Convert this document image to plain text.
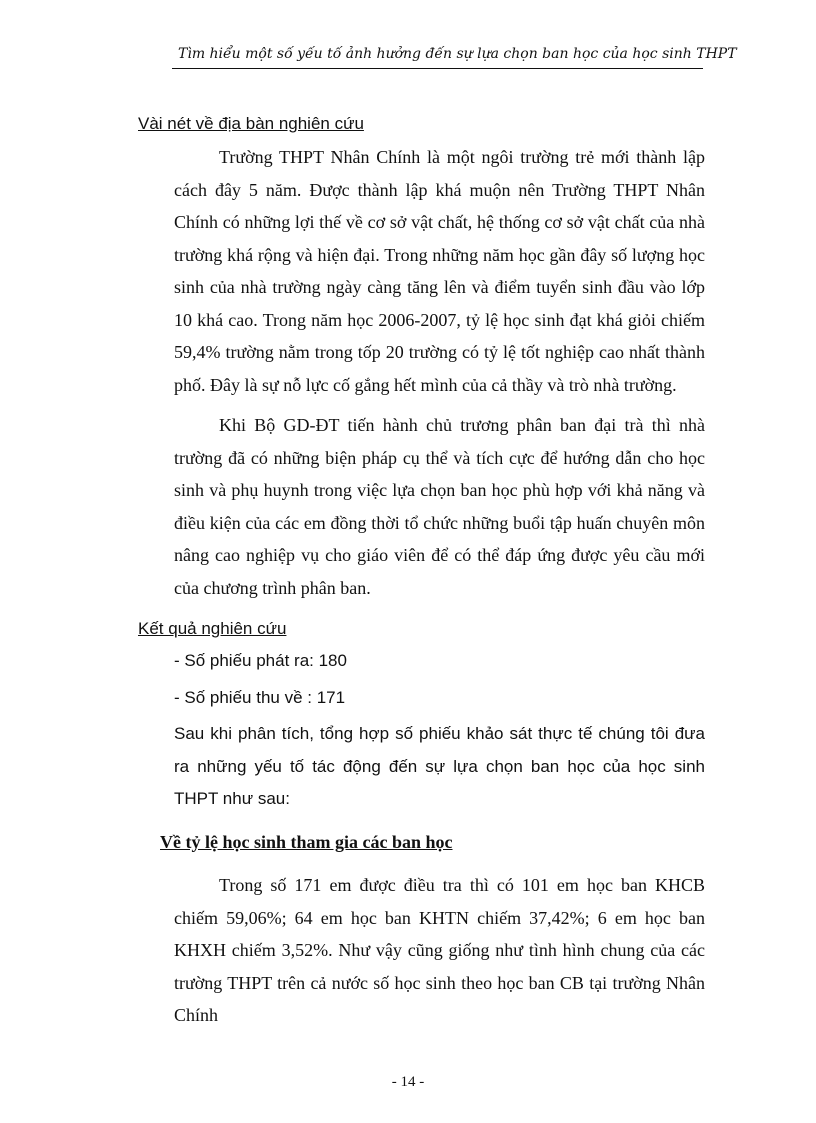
Tìm hiểu một số yếu tố ảnh hưởng đến sự lựa chọn ban học của học sinh THPT
Vài nét về địa bàn nghiên cứu

Trường THPT Nhân Chính là một ngôi trường trẻ mới thành lập cách đây 5 năm. Được thành lập khá muộn nên Trường THPT Nhân Chính có những lợi thế về cơ sở vật chất, hệ thống cơ sở vật chất của nhà trường khá rộng và hiện đại. Trong những năm học gần đây số lượng học sinh của nhà trường ngày càng tăng lên và điểm tuyển sinh đầu vào lớp 10 khá cao. Trong năm học 2006-2007, tỷ lệ học sinh đạt khá giỏi chiếm 59,4% trường nằm trong tốp 20 trường có tỷ lệ tốt nghiệp cao nhất thành phố. Đây là sự nỗ lực cố gắng hết mình của cả thầy và trò nhà trường.

Khi Bộ GD-ĐT tiến hành chủ trương phân ban đại trà thì nhà trường đã có những biện pháp cụ thể và tích cực để hướng dẫn cho học sinh và phụ huynh trong việc lựa chọn ban học phù hợp với khả năng và điều kiện của các em đồng thời tổ chức những buổi tập huấn chuyên môn nâng cao nghiệp vụ cho giáo viên để có thể đáp ứng được yêu cầu mới của chương trình phân ban.

Kết quả nghiên cứu
- Số phiếu phát ra: 180
- Số phiếu thu về : 171

Sau khi phân tích, tổng hợp số phiếu khảo sát thực tế chúng tôi đưa ra những yếu tố tác động đến sự lựa chọn ban học của học sinh THPT như sau:

Về tỷ lệ học sinh tham gia các ban học

Trong số 171 em được điều tra thì có 101 em học ban KHCB chiếm 59,06%; 64 em học ban KHTN chiếm 37,42%; 6 em học ban KHXH chiếm 3,52%. Như vậy cũng giống như tình hình chung của các trường THPT trên cả nước số học sinh theo học ban CB tại trường Nhân Chính

- 14 -
